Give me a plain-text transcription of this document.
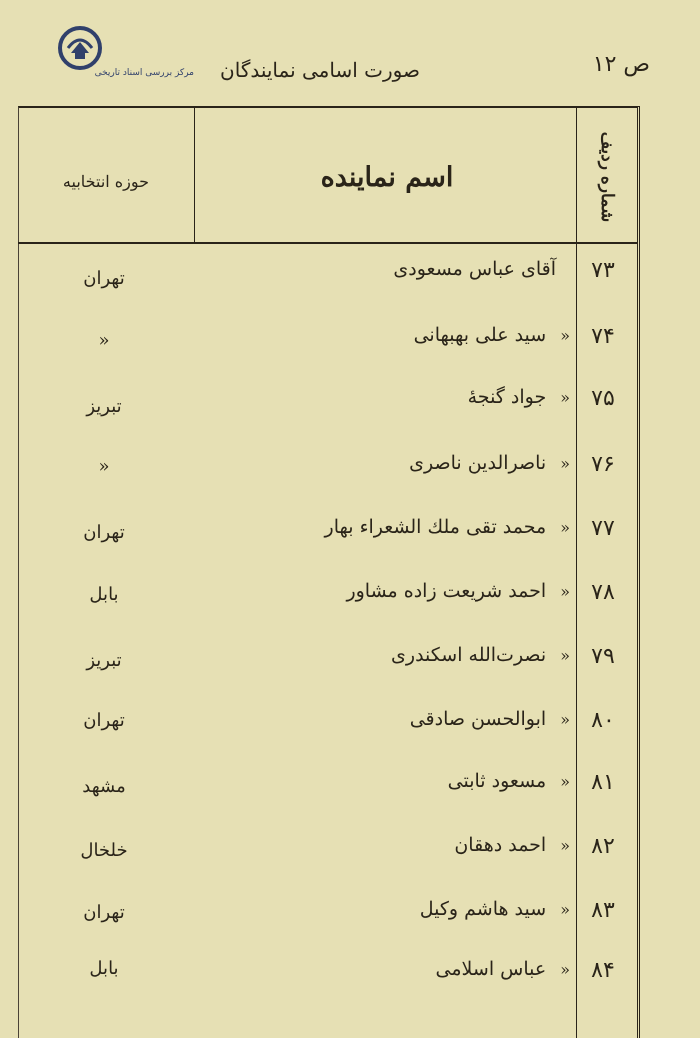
مرکز بررسی اسناد تاریخی	ص ۱۲
صورت اسامی نمایندگان
شماره ردیف
اسم نماینده
حوزه انتخابیه
۷۳
آقای عباس مسعودی
تهران
۷۴
«سید علی بهبهانی
«
۷۵
«جواد گنجهٔ
تبریز
۷۶
«ناصرالدین ناصری
«
۷۷
«محمد تقی ملك الشعراء بهار
تهران
۷۸
«احمد شریعت زاده مشاور
بابل
۷۹
«نصرت‌الله اسکندری
تبریز
۸۰
«ابوالحسن صادقی
تهران
۸۱
«مسعود ثابتی
مشهد
۸۲
«احمد دهقان
خلخال
۸۳
«سید هاشم وکیل
تهران
۸۴
«عباس اسلامی
بابل
